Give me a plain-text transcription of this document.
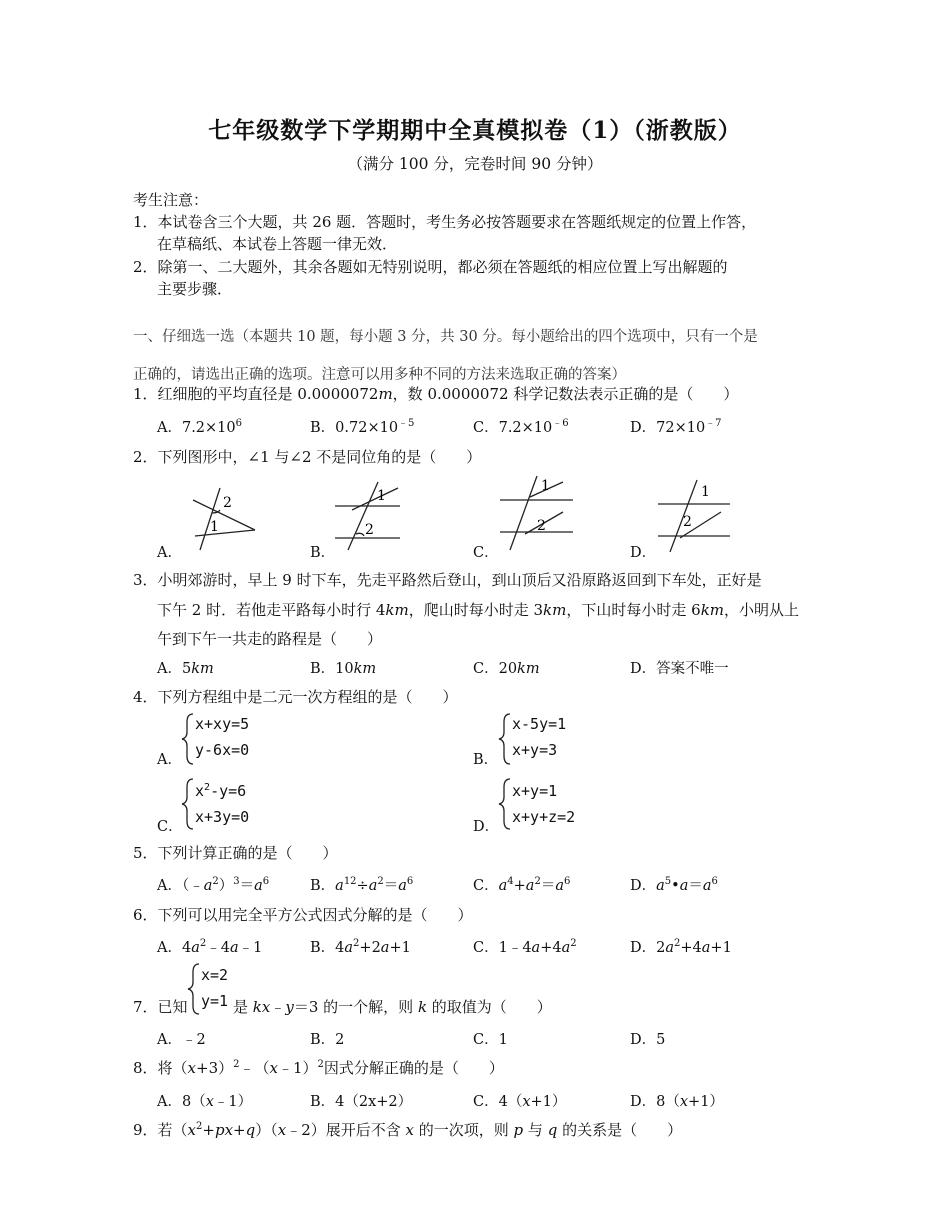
七年级数学下学期期中全真模拟卷（1）（浙教版）
（满分 100 分，完卷时间 90 分钟）
考生注意：
1．本试卷含三个大题，共 26 题．答题时，考生务必按答题要求在答题纸规定的位置上作答，
在草稿纸、本试卷上答题一律无效．
2．除第一、二大题外，其余各题如无特别说明，都必须在答题纸的相应位置上写出解题的
主要步骤．
一、仔细选一选（本题共 10 题，每小题 3 分，共 30 分。每小题给出的四个选项中，只有一个是
正确的，请选出正确的选项。注意可以用多种不同的方法来选取正确的答案）
1．红细胞的平均直径是 0.0000072m，数 0.0000072 科学记数法表示正确的是（　　）
A．$7.2\times 10^6$	B．$0.72\times 10^{﹣5}$	C．$7.2\times 10^{﹣6}$	D．$72\times 10^{﹣7}$
2．下列图形中，∠1 与∠2 不是同位角的是（　　）
A．
2
1
B．
1
2
C．
1
2
D．
1
2
3．小明郊游时，早上 9 时下车，先走平路然后登山，到山顶后又沿原路返回到下车处，正好是
下午 2 时．若他走平路每小时行 4km，爬山时每小时走 3km，下山时每小时走 6km，小明从上
午到下午一共走的路程是（　　）
A．5km	B．10km	C．20km	D．答案不唯一
4．下列方程组中是二元一次方程组的是（　　）
A．
x+xy=5
y-6x=0
B．
x-5y=1
x+y=3
C．
$x^2-y=6$
x+3y=0
D．
x+y=1
x+y+z=2
5．下列计算正确的是（　　）
A．$(﹣a^2)^3=a^6$	B．$a^{12}\div a^2=a^6$	C．$a^4+a^2=a^6$	D．$a^5•a=a^6$
6．下列可以用完全平方公式因式分解的是（　　）
A．$4a^2﹣4a﹣1$	B．$4a^2+2a+1$	C．$1﹣4a+4a^2$	D．$2a^2+4a+1$
7．已知
x=2
y=1 是 kx﹣y＝3 的一个解，则 k 的取值为（　　）
A．﹣2	B．2	C．1	D．5
8．将$(x+3)^2﹣(x﹣1)^2$因式分解正确的是（　　）
A．8（x﹣1）	B．4（2x+2）	C．4（x+1）	D．8（x+1）
9．若$(x^2+px+q)(x﹣2)$展开后不含 x 的一次项，则 p 与 q 的关系是（　　）
